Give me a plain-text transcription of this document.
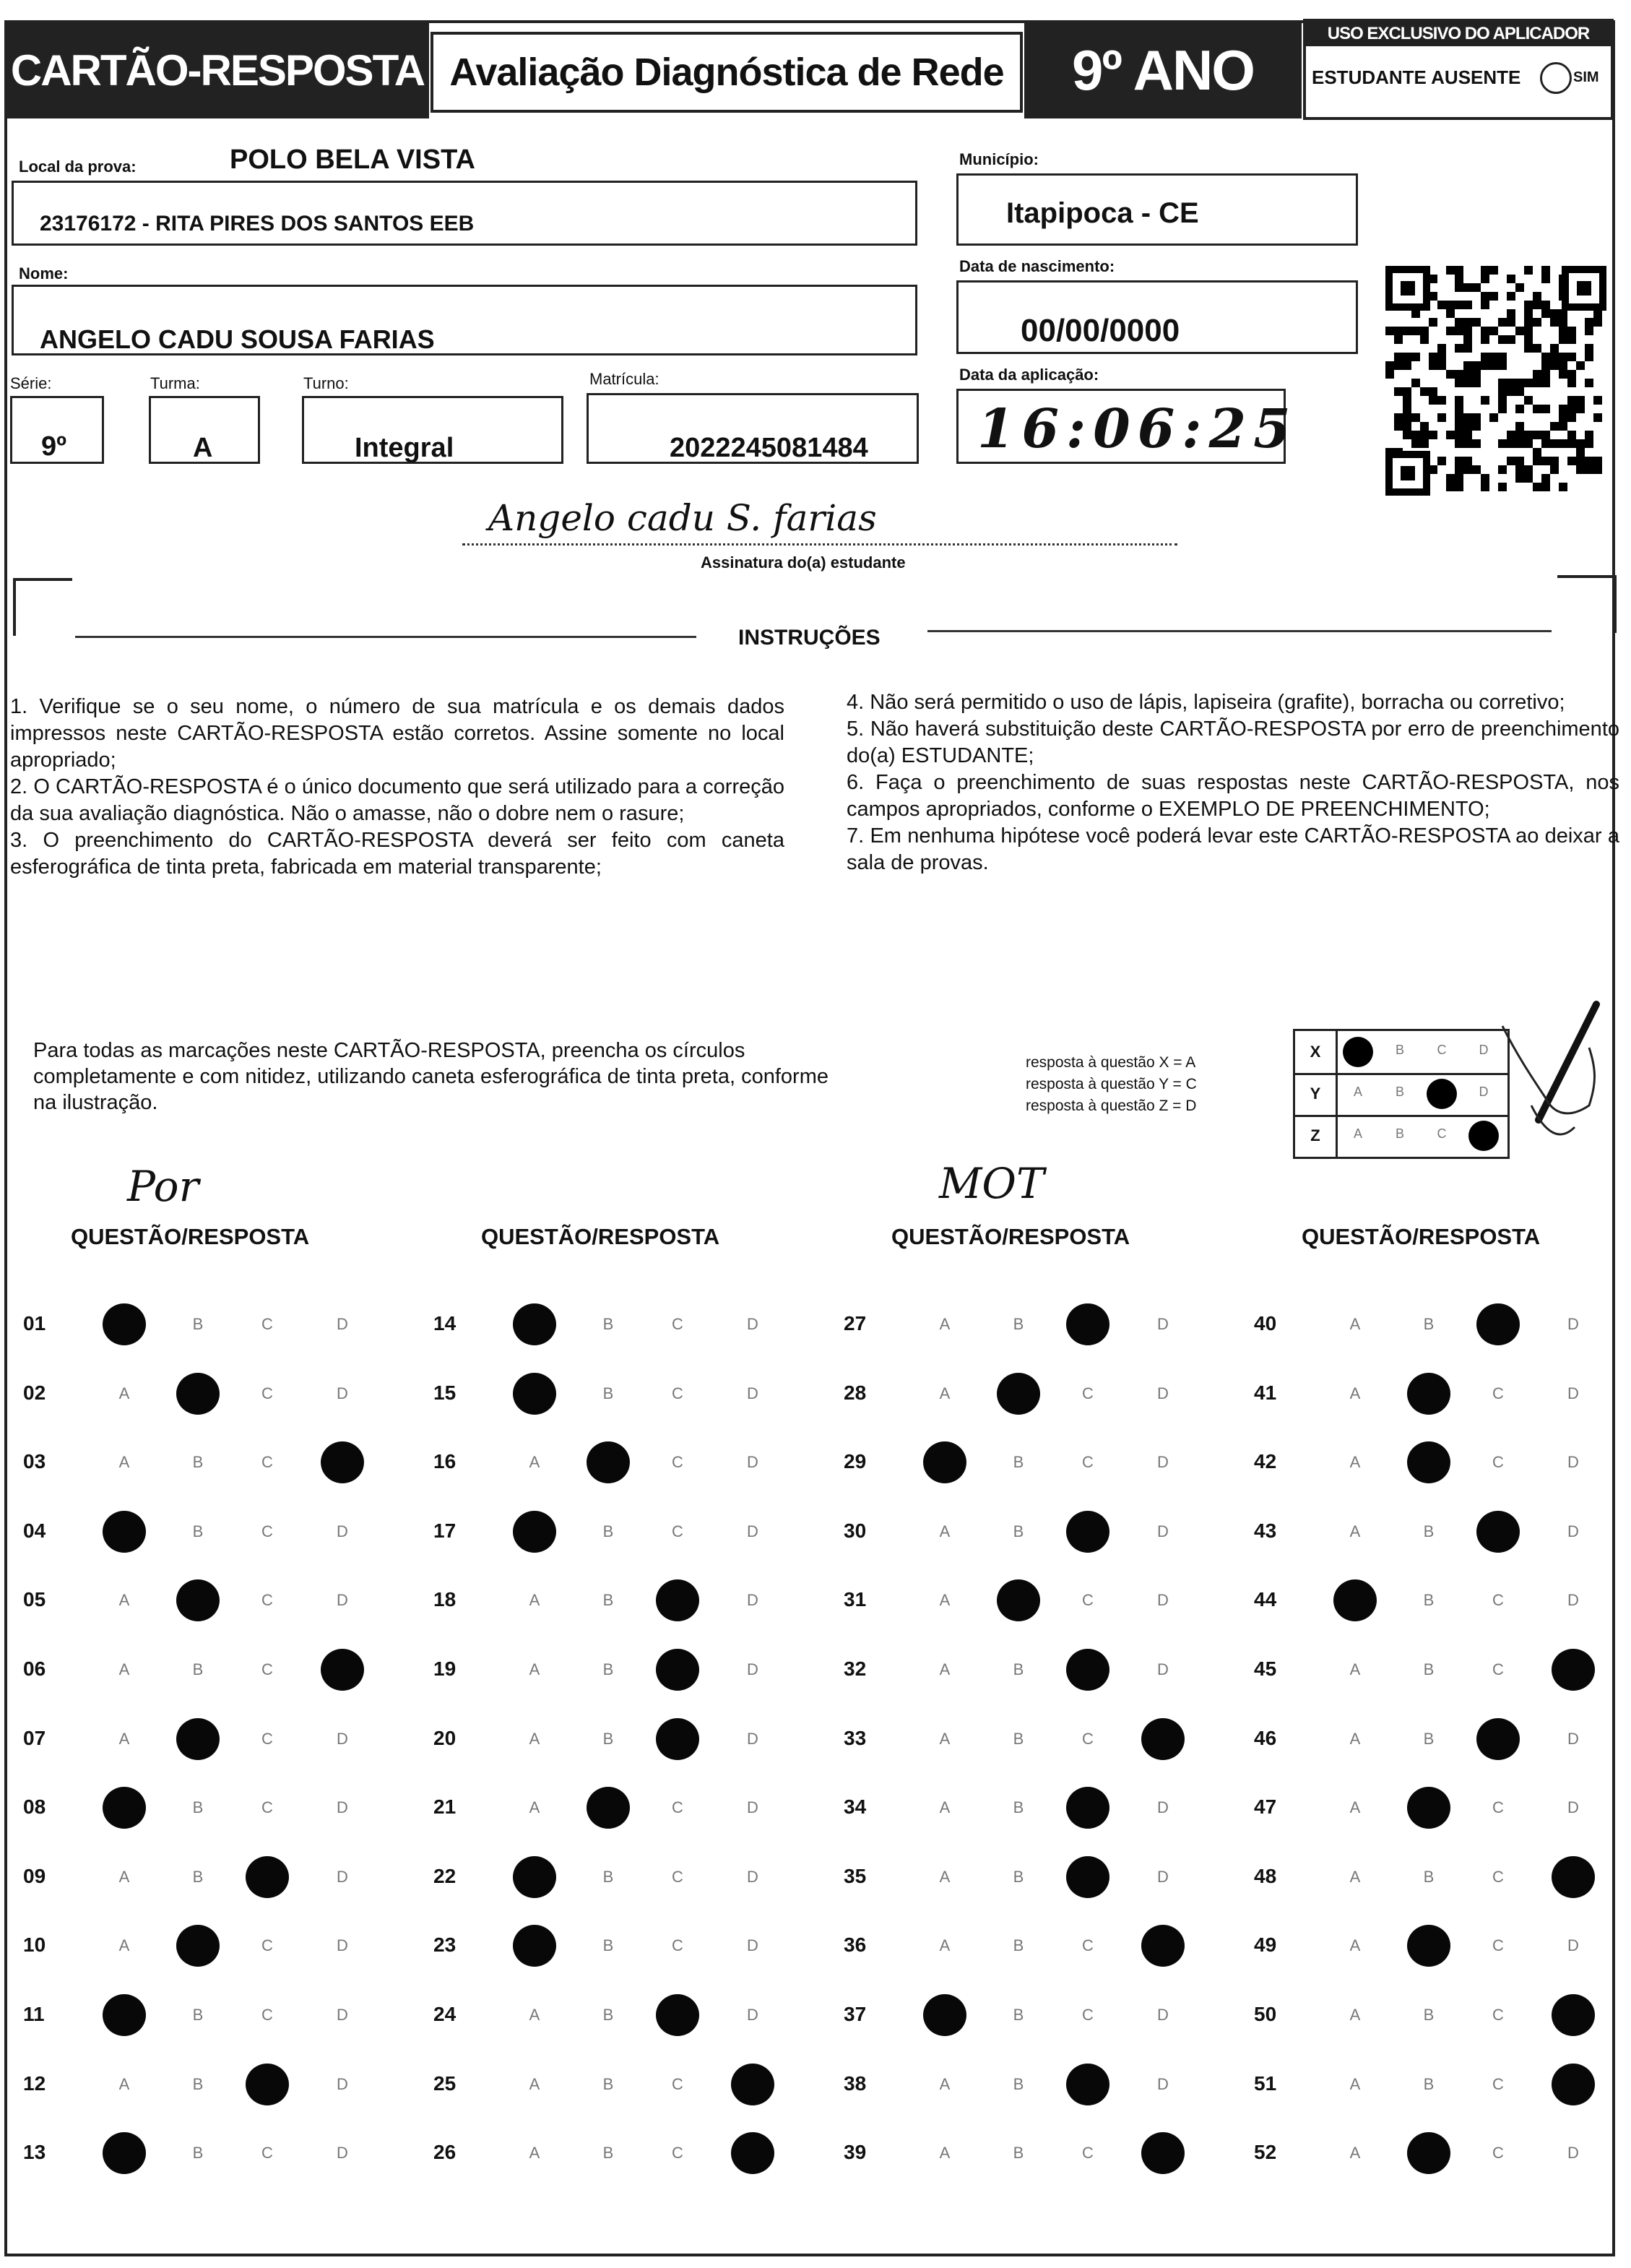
CARTÃO-RESPOSTA Avaliação Diagnóstica de Rede	9º ANO
USO EXCLUSIVO DO APLICADOR
ESTUDANTE AUSENTE	SIM
Local da prova:	POLO BELA VISTA
23176172 - RITA PIRES DOS SANTOS EEB
Município:
Itapipoca - CE
Nome:
ANGELO CADU SOUSA FARIAS
Data de nascimento:
00/00/0000
Série:
9º
Turma:
A
Turno:
Integral
Matrícula:
2022245081484
Data da aplicação:
16:06:25
Angelo cadu S. farias
Assinatura do(a) estudante
INSTRUÇÕES

1. Verifique se o seu nome, o número de sua matrícula e os demais dados impressos neste CARTÃO-RESPOSTA estão corretos. Assine somente no local apropriado;

2. O CARTÃO-RESPOSTA é o único documento que será utilizado para a correção da sua avaliação diagnóstica. Não o amasse, não o dobre nem o rasure;

3. O preenchimento do CARTÃO-RESPOSTA deverá ser feito com caneta esferográfica de tinta preta, fabricada em material transparente;

4. Não será permitido o uso de lápis, lapiseira (grafite), borracha ou corretivo;

5. Não haverá substituição deste CARTÃO-RESPOSTA por erro de preenchimento do(a) ESTUDANTE;

6. Faça o preenchimento de suas respostas neste CARTÃO-RESPOSTA, nos campos apropriados, conforme o EXEMPLO DE PREENCHIMENTO;

7. Em nenhuma hipótese você poderá levar este CARTÃO-RESPOSTA ao deixar a sala de provas.

Para todas as marcações neste CARTÃO-RESPOSTA, preencha os círculos completamente e com nitidez, utilizando caneta esferográfica de tinta preta, conforme na ilustração.
resposta à questão X = A
resposta à questão Y = C
resposta à questão Z = D
X	B	C	D
Y	A	B	D
Z	A	B	C
QUESTÃO/RESPOSTA
01	B	C	D
02	A	C	D
03	A	B	C
04	B	C	D
05	A	C	D
06	A	B	C
07	A	C	D
08	B	C	D
09	A	B	D
10	A	C	D
11	B	C	D
12	A	B	D
13	B	C	D
QUESTÃO/RESPOSTA
14	B	C	D
15	B	C	D
16	A	C	D
17	B	C	D
18	A	B	D
19	A	B	D
20	A	B	D
21	A	C	D
22	B	C	D
23	B	C	D
24	A	B	D
25	A	B	C
26	A	B	C
QUESTÃO/RESPOSTA
27	A	B	D
28	A	C	D
29	B	C	D
30	A	B	D
31	A	C	D
32	A	B	D
33	A	B	C
34	A	B	D
35	A	B	D
36	A	B	C
37	B	C	D
38	A	B	D
39	A	B	C
QUESTÃO/RESPOSTA
40	A	B	D
41	A	C	D
42	A	C	D
43	A	B	D
44	B	C	D
45	A	B	C
46	A	B	D
47	A	C	D
48	A	B	C
49	A	C	D
50	A	B	C
51	A	B	C
52	A	C	D
Por	MOT
